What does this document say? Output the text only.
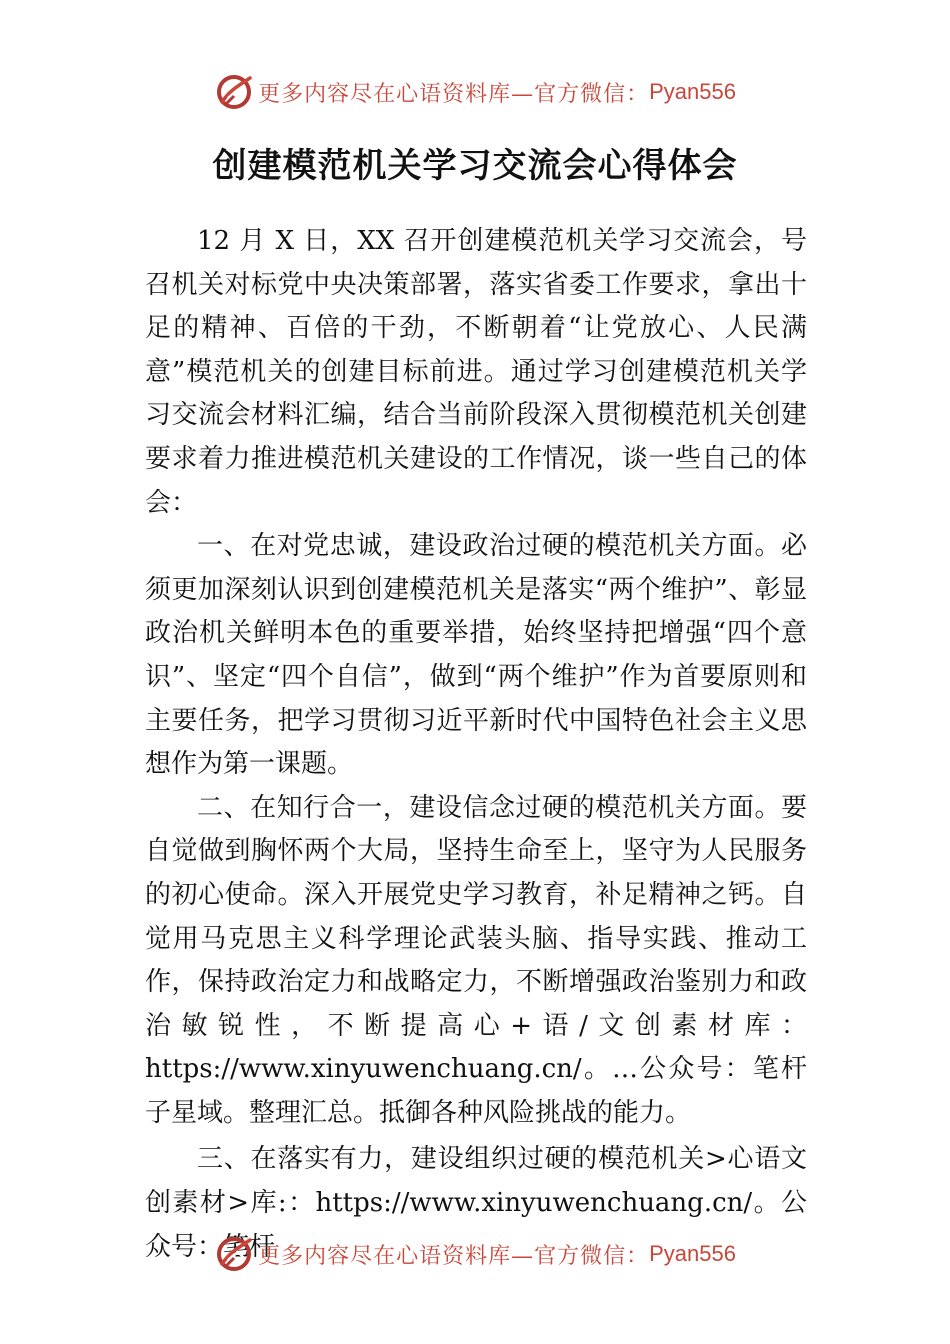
更多内容尽在心语资料库—官方微信： Pyan556
创建模范机关学习交流会心得体会

12 月 X 日，XX 召开创建模范机关学习交流会，号召机关对标党中央决策部署，落实省委工作要求，拿出十足的精神、百倍的干劲，不断朝着“让党放心、人民满意”模范机关的创建目标前进。通过学习创建模范机关学习交流会材料汇编，结合当前阶段深入贯彻模范机关创建要求着力推进模范机关建设的工作情况，谈一些自己的体会：

一、在对党忠诚，建设政治过硬的模范机关方面。必须更加深刻认识到创建模范机关是落实“两个维护”、彰显政治机关鲜明本色的重要举措，始终坚持把增强“四个意识”、坚定“四个自信”，做到“两个维护”作为首要原则和主要任务，把学习贯彻习近平新时代中国特色社会主义思想作为第一课题。

二、在知行合一，建设信念过硬的模范机关方面。要自觉做到胸怀两个大局，坚持生命至上，坚守为人民服务的初心使命。深入开展党史学习教育，补足精神之钙。自觉用马克思主义科学理论武装头脑、指导实践、推动工作，保持政治定力和战略定力，不断增强政治鉴别力和政治敏锐性，不断提高心+语/文创素材库：https://www.xinyuwenchuang.cn/。…公众号：笔杆子星域。整理汇总。抵御各种风险挑战的能力。

三、在落实有力，建设组织过硬的模范机关>心语文创素材>库:：https://www.xinyuwenchuang.cn/。公众号：笔杆

更多内容尽在心语资料库—官方微信： Pyan556
